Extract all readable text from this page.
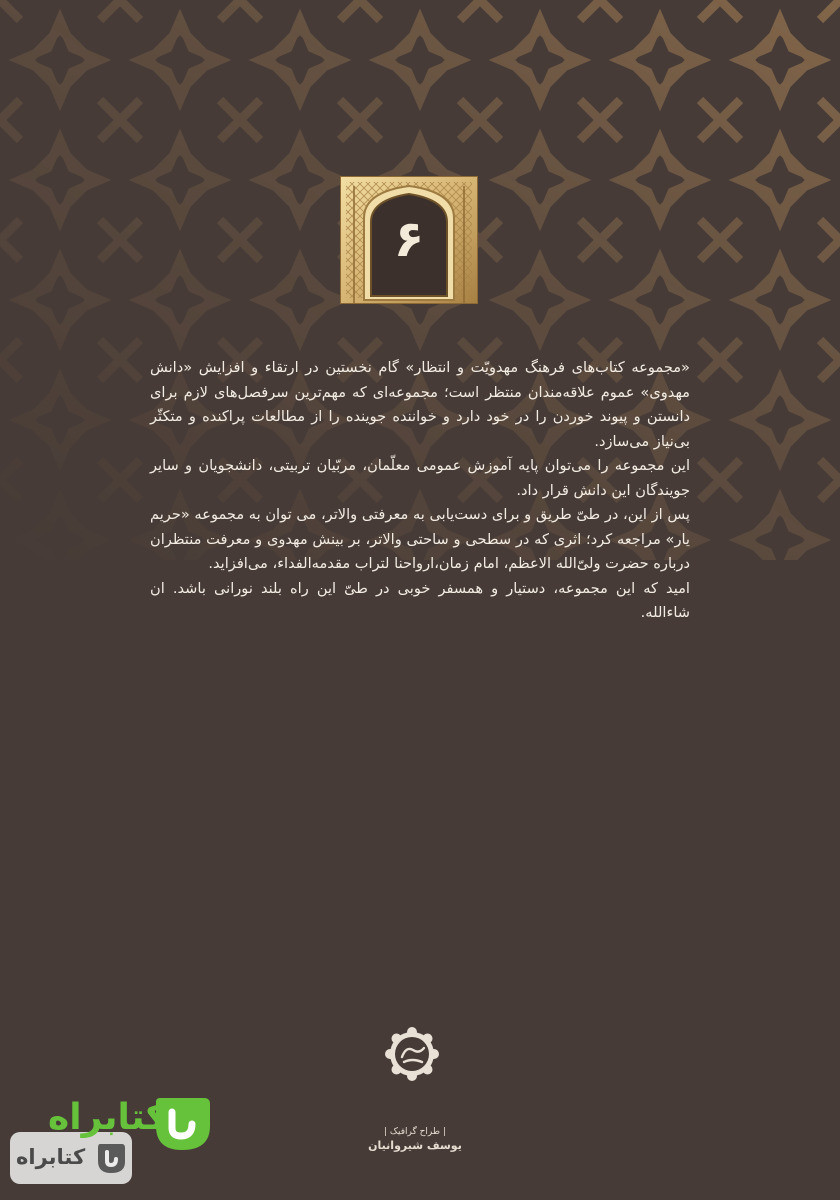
۶

«مجموعه کتاب‌های فرهنگ مهدویّت و انتظار» گام نخستین در ارتقاء و افزایش «دانش مهدوی» عموم علاقه‌مندان منتظر است؛ مجموعه‌ای که مهم‌ترین سرفصل‌های لازم برای دانستن و پیوند خوردن را در خود دارد و خواننده جوینده را از مطالعات پراکنده و متکثّر بی‌نیاز می‌سازد.

این مجموعه را می‌توان پایه آموزش عمومی معلّمان، مربّیان تربیتی، دانشجویان و سایر جویندگان این دانش قرار داد.

پس از این، در طیّ طریق و برای دست‌یابی به معرفتی والاتر، می توان به مجموعه «حریم یار» مراجعه کرد؛ اثری که در سطحی و ساحتی والاتر، بر بینش مهدوی و معرفت منتظران درباره حضرت ولیّ‌الله الاعظم، امام زمان،ارواحنا لتراب مقدمه‌الفداء، می‌افزاید.

امید که این مجموعه، دستیار و همسفر خوبی در طیّ این راه بلند نورانی باشد. ان شاءالله.

| طراح گرافیک |
یوسف شیروانیان
کتابراه
کتابراه
